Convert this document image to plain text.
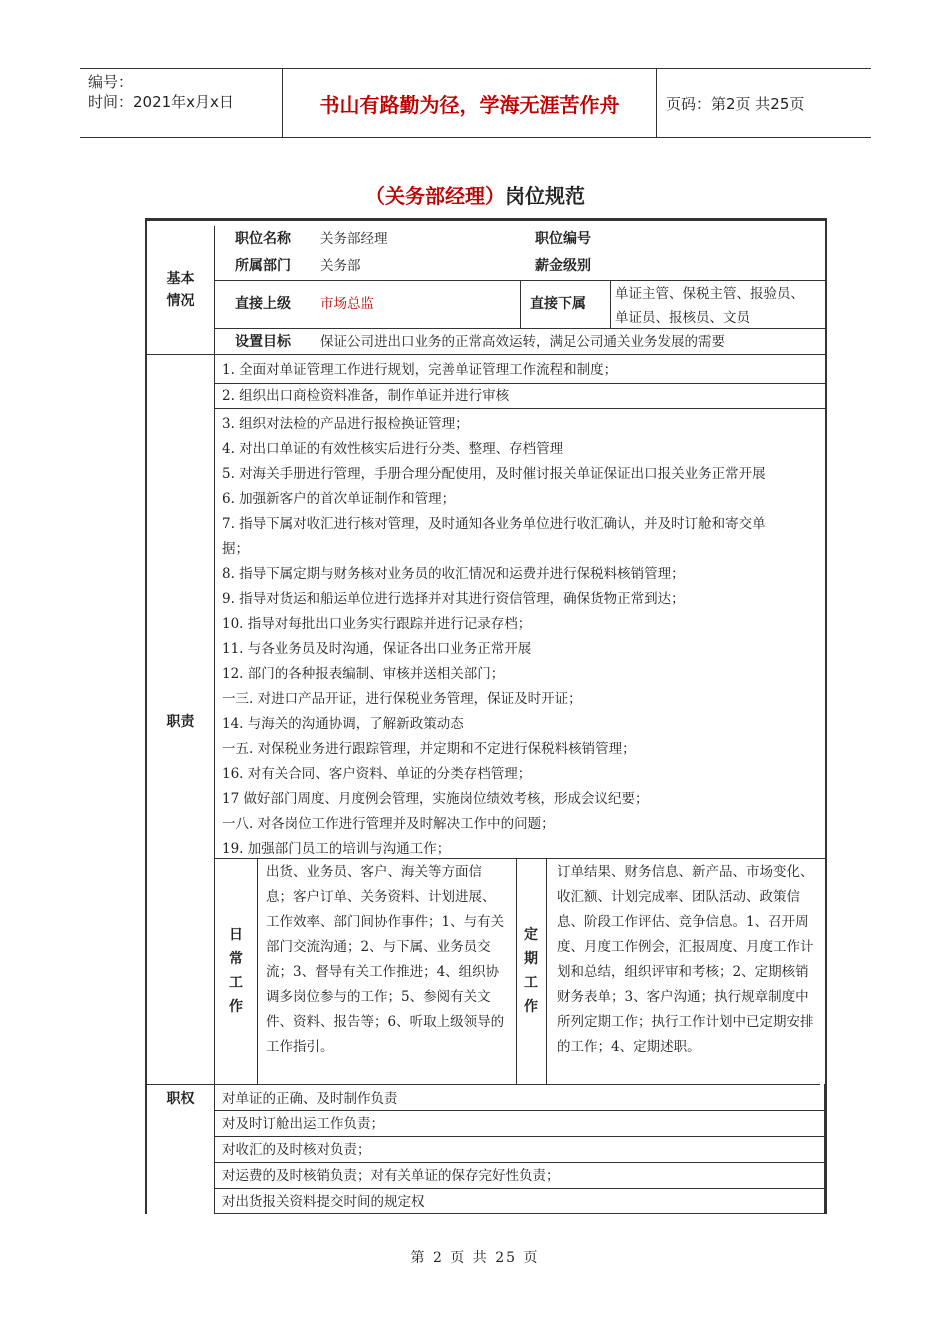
编号：
时间：2021年x月x日	书山有路勤为径，学海无涯苦作舟	页码：第2页 共25页
（关务部经理）岗位规范
基本
情况
职位名称 关务部经理	职位编号
所属部门 关务部	薪金级别
直接上级 市场总监	直接下属
单证主管、保税主管、报验员、
单证员、报核员、文员
设置目标 保证公司进出口业务的正常高效运转，满足公司通关业务发展的需要
职责
1. 全面对单证管理工作进行规划，完善单证管理工作流程和制度；
2. 组织出口商检资料准备，制作单证并进行审核
3. 组织对法检的产品进行报检换证管理；
4. 对出口单证的有效性核实后进行分类、整理、存档管理
5. 对海关手册进行管理，手册合理分配使用，及时催讨报关单证保证出口报关业务正常开展
6. 加强新客户的首次单证制作和管理；
7. 指导下属对收汇进行核对管理，及时通知各业务单位进行收汇确认，并及时订舱和寄交单
据；
8. 指导下属定期与财务核对业务员的收汇情况和运费并进行保税料核销管理；
9. 指导对货运和船运单位进行选择并对其进行资信管理，确保货物正常到达；
10. 指导对每批出口业务实行跟踪并进行记录存档；
11. 与各业务员及时沟通，保证各出口业务正常开展
12. 部门的各种报表编制、审核并送相关部门；
一三. 对进口产品开证，进行保税业务管理，保证及时开证；
14. 与海关的沟通协调，了解新政策动态
一五. 对保税业务进行跟踪管理，并定期和不定进行保税料核销管理；
16. 对有关合同、客户资料、单证的分类存档管理；
17 做好部门周度、月度例会管理，实施岗位绩效考核，形成会议纪要；
一八. 对各岗位工作进行管理并及时解决工作中的问题；
19. 加强部门员工的培训与沟通工作；
日
常
工
作
出货、业务员、客户、海关等方面信息；客户订单、关务资料、计划进展、工作效率、部门间协作事件；1、与有关部门交流沟通；2、与下属、业务员交流；3、督导有关工作推进；4、组织协调多岗位参与的工作；5、参阅有关文件、资料、报告等；6、听取上级领导的工作指引。
定
期
工
作
订单结果、财务信息、新产品、市场变化、收汇额、计划完成率、团队活动、政策信息、阶段工作评估、竞争信息。1、召开周度、月度工作例会，汇报周度、月度工作计划和总结，组织评审和考核；2、定期核销财务表单；3、客户沟通；执行规章制度中所列定期工作；执行工作计划中已定期安排的工作；4、定期述职。
职权	对单证的正确、及时制作负责
对及时订舱出运工作负责；
对收汇的及时核对负责；
对运费的及时核销负责；对有关单证的保存完好性负责；
对出货报关资料提交时间的规定权
第 2 页 共 25 页
